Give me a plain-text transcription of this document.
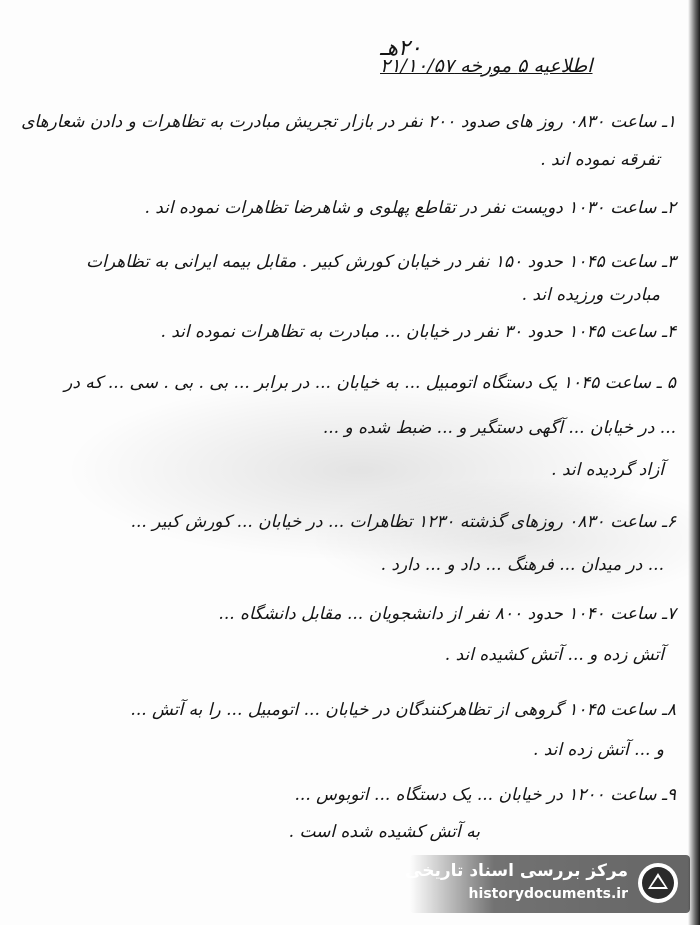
۲۰هـ
اطلاعیه ۵ مورخه ۲۱/۱۰/۵۷
۱ـ ساعت ۰۸۳۰ روز های صدود ۲۰۰ نفر در بازار تجریش مبادرت به تظاهرات و دادن شعارهای
تفرقه نموده اند .
۲ـ ساعت ۱۰۳۰ دویست نفر در تقاطع پهلوی و شاهرضا تظاهرات نموده اند .
۳ـ ساعت ۱۰۴۵ حدود ۱۵۰ نفر در خیابان کورش کبیر . مقابل بیمه ایرانی به تظاهرات
مبادرت ورزیده اند .
۴ـ ساعت ۱۰۴۵ حدود ۳۰ نفر در خیابان ... مبادرت به تظاهرات نموده اند .
۵ ـ ساعت ۱۰۴۵ یک دستگاه اتومبیل ... به خیابان ... در برابر ... بی . بی . سی ... که در
... در خیابان ... آگهی دستگیر و ... ضبط شده و ...
آزاد گردیده اند .
۶ـ ساعت ۰۸۳۰ روزهای گذشته ۱۲۳۰ تظاهرات ... در خیابان ... کورش کبیر ...
... در میدان ... فرهنگ ... داد و ... دارد .
۷ـ ساعت ۱۰۴۰ حدود ۸۰۰ نفر از دانشجویان ... مقابل دانشگاه ...
آتش زده و ... آتش کشیده اند .
۸ـ ساعت ۱۰۴۵ گروهی از تظاهرکنندگان در خیابان ... اتومبیل ... را به آتش ...
و ... آتش زده اند .
۹ـ ساعت ۱۲۰۰ در خیابان ... یک دستگاه ... اتوبوس ...
به آتش کشیده شده است .
مرکز بررسی اسناد تاریخی
historydocuments.ir
